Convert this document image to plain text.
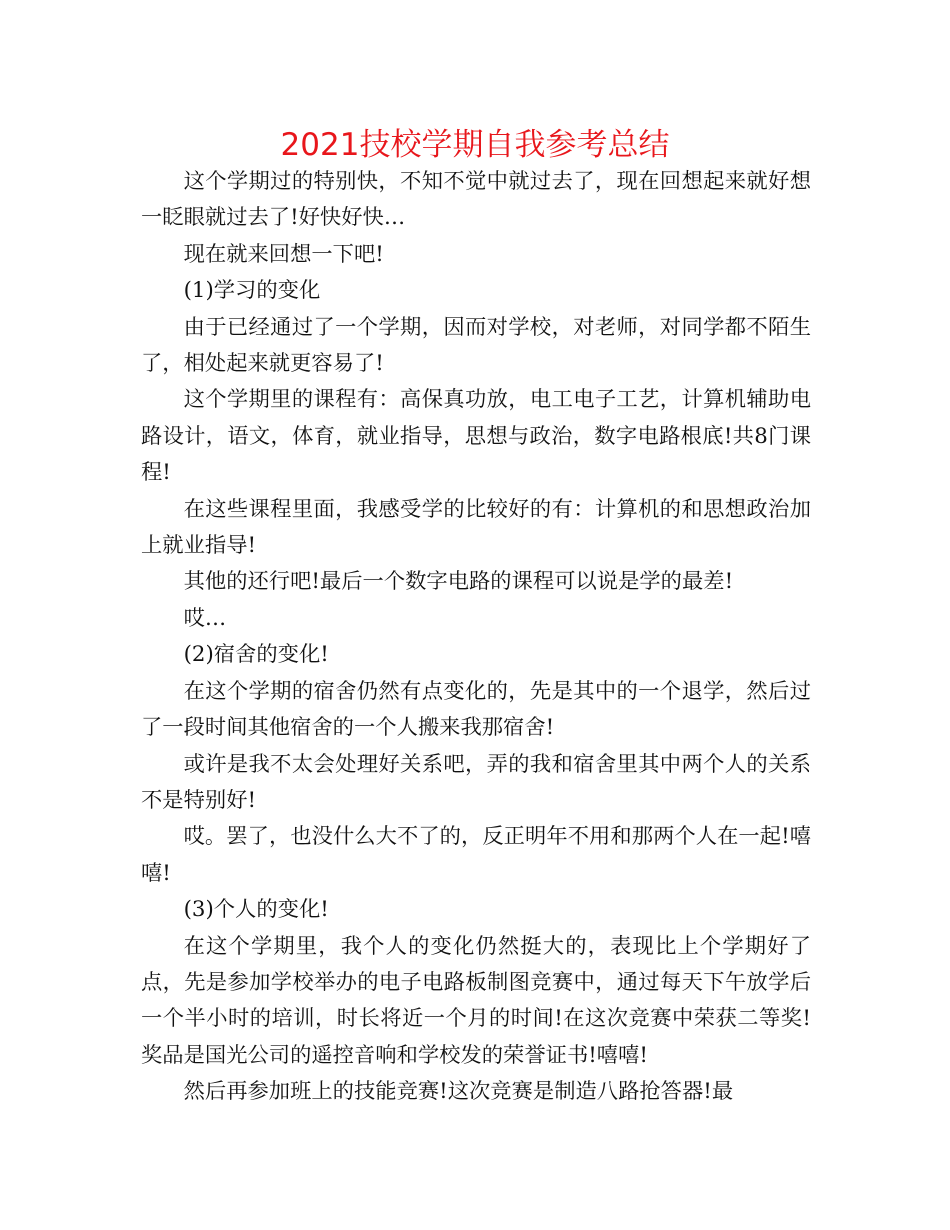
2021技校学期自我参考总结

这个学期过的特别快，不知不觉中就过去了，现在回想起来就好想一眨眼就过去了!好快好快…

现在就来回想一下吧!

(1)学习的变化

由于已经通过了一个学期，因而对学校，对老师，对同学都不陌生了，相处起来就更容易了!

这个学期里的课程有：高保真功放，电工电子工艺，计算机辅助电路设计，语文，体育，就业指导，思想与政治，数字电路根底!共8门课程!

在这些课程里面，我感受学的比较好的有：计算机的和思想政治加上就业指导!

其他的还行吧!最后一个数字电路的课程可以说是学的最差!

哎…

(2)宿舍的变化!

在这个学期的宿舍仍然有点变化的，先是其中的一个退学，然后过了一段时间其他宿舍的一个人搬来我那宿舍!

或许是我不太会处理好关系吧，弄的我和宿舍里其中两个人的关系不是特别好!

哎。罢了，也没什么大不了的，反正明年不用和那两个人在一起!嘻嘻!

(3)个人的变化!

在这个学期里，我个人的变化仍然挺大的，表现比上个学期好了点，先是参加学校举办的电子电路板制图竞赛中，通过每天下午放学后一个半小时的培训，时长将近一个月的时间!在这次竞赛中荣获二等奖!奖品是国光公司的遥控音响和学校发的荣誉证书!嘻嘻!

然后再参加班上的技能竞赛!这次竞赛是制造八路抢答器!最
